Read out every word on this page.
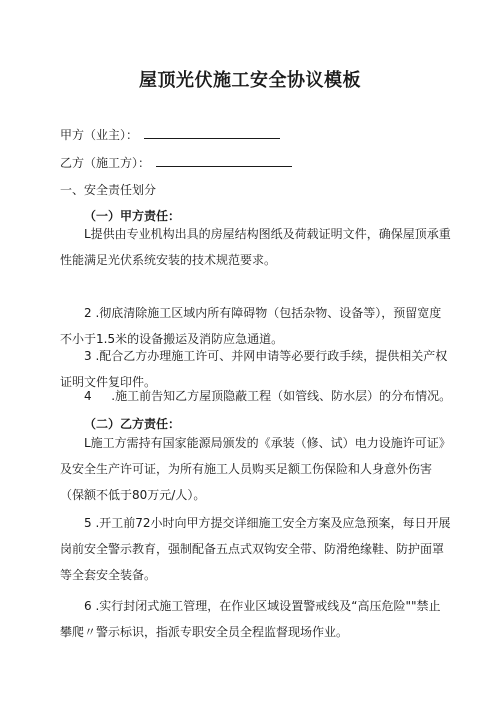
屋顶光伏施工安全协议模板
甲方（业主）：
乙方（施工方）：
一、安全责任划分
（一）甲方责任：
L提供由专业机构出具的房屋结构图纸及荷载证明文件，确保屋顶承重
性能满足光伏系统安装的技术规范要求。
2 .彻底清除施工区域内所有障碍物（包括杂物、设备等），预留宽度
不小于1.5米的设备搬运及消防应急通道。
3 .配合乙方办理施工许可、并网申请等必要行政手续，提供相关产权
证明文件复印件。
4 　 .施工前告知乙方屋顶隐蔽工程（如管线、防水层）的分布情况。
（二）乙方责任：
L施工方需持有国家能源局颁发的《承装（修、试）电力设施许可证》
及安全生产许可证，为所有施工人员购买足额工伤保险和人身意外伤害
（保额不低于80万元/人）。
5 .开工前72小时向甲方提交详细施工安全方案及应急预案，每日开展
岗前安全警示教育，强制配备五点式双钩安全带、防滑绝缘鞋、防护面罩
等全套安全装备。
6 .实行封闭式施工管理，在作业区域设置警戒线及“高压危险""禁止
攀爬〃警示标识，指派专职安全员全程监督现场作业。
